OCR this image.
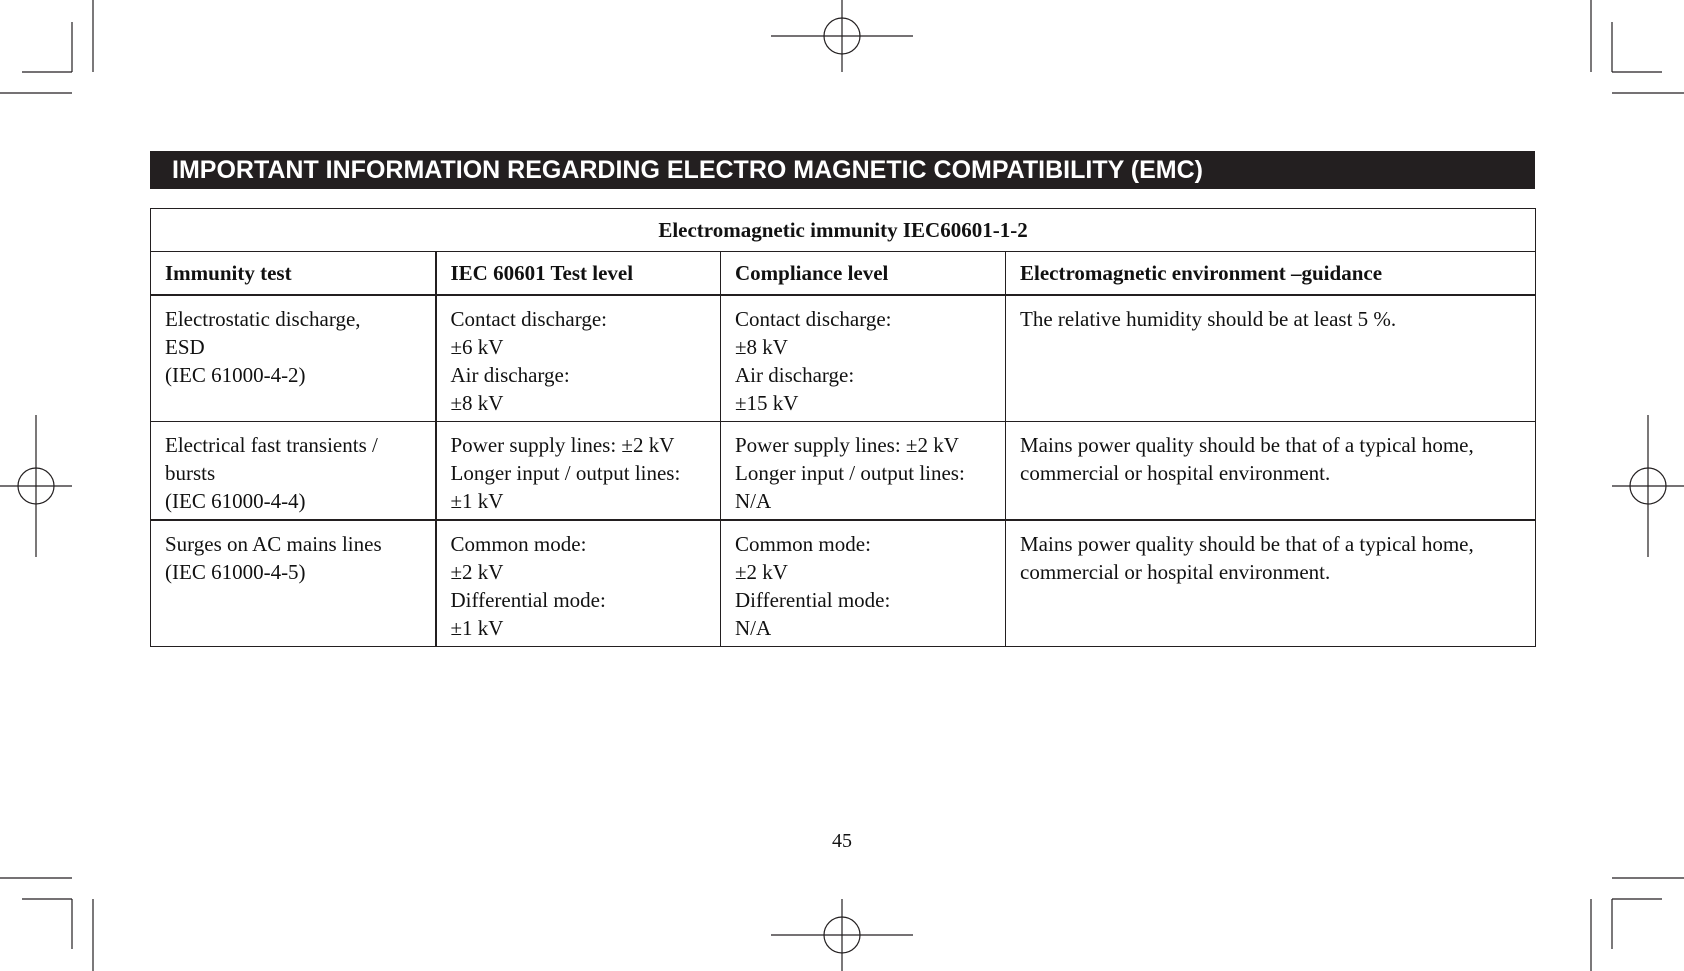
IMPORTANT INFORMATION REGARDING ELECTRO MAGNETIC COMPATIBILITY (EMC)
Electromagnetic immunity IEC60601-1-2			
Immunity test	IEC 60601 Test level	Compliance level	Electromagnetic environment –guidance

Electrostatic discharge,
ESD
(IEC 61000-4-2)	Contact discharge:
±6 kV
Air discharge:
±8 kV	Contact discharge:
±8 kV
Air discharge:
±15 kV	The relative humidity should be at least 5 %.

Electrical fast transients /
bursts
(IEC 61000-4-4)	Power supply lines: ±2 kV
Longer input / output lines:
±1 kV	Power supply lines: ±2 kV
Longer input / output lines:
N/A	Mains power quality should be that of a typical home,
commercial or hospital environment.

Surges on AC mains lines
(IEC 61000-4-5)	Common mode:
±2 kV
Differential mode:
±1 kV	Common mode:
±2 kV
Differential mode:
N/A	Mains power quality should be that of a typical home,
commercial or hospital environment.
45
